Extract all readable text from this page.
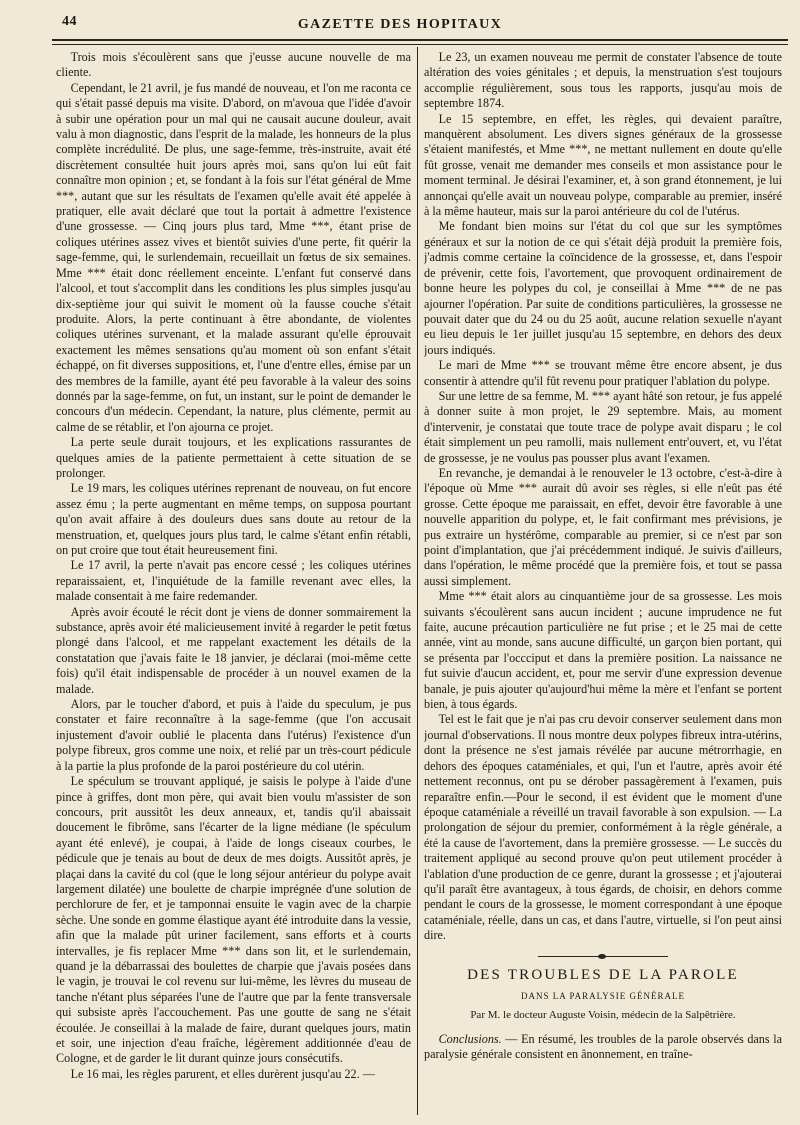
44	GAZETTE DES HOPITAUX

Trois mois s'écoulèrent sans que j'eusse aucune nouvelle de ma cliente.

Cependant, le 21 avril, je fus mandé de nouveau, et l'on me raconta ce qui s'était passé depuis ma visite. D'abord, on m'avoua que l'idée d'avoir à subir une opération pour un mal qui ne causait aucune douleur, avait valu à mon diagnostic, dans l'esprit de la malade, les honneurs de la plus complète incrédulité. De plus, une sage-femme, très-instruite, avait été discrètement consultée huit jours après moi, sans qu'on lui eût fait connaître mon opinion ; et, se fondant à la fois sur l'état général de Mme ***, autant que sur les résultats de l'examen qu'elle avait été appelée à pratiquer, elle avait déclaré que tout la portait à admettre l'existence d'une grossesse. — Cinq jours plus tard, Mme ***, étant prise de coliques utérines assez vives et bientôt suivies d'une perte, fit quérir la sage-femme, qui, le surlendemain, recueillait un fœtus de six semaines. Mme *** était donc réellement enceinte. L'enfant fut conservé dans l'alcool, et tout s'accomplit dans les conditions les plus simples jusqu'au dix-septième jour qui suivit le moment où la fausse couche s'était produite. Alors, la perte continuant à être abondante, de violentes coliques utérines survenant, et la malade assurant qu'elle éprouvait exactement les mêmes sensations qu'au moment où son enfant s'était échappé, on fit diverses suppositions, et, l'une d'entre elles, émise par un des membres de la famille, ayant été peu favorable à la valeur des soins donnés par la sage-femme, on fut, un instant, sur le point de demander le concours d'un médecin. Cependant, la nature, plus clémente, permit au calme de se rétablir, et l'on ajourna ce projet.

La perte seule durait toujours, et les explications rassurantes de quelques amies de la patiente permettaient à cette situation de se prolonger.

Le 19 mars, les coliques utérines reprenant de nouveau, on fut encore assez ému ; la perte augmentant en même temps, on supposa pourtant qu'on avait affaire à des douleurs dues sans doute au retour de la menstruation, et, quelques jours plus tard, le calme s'étant enfin rétabli, on put croire que tout était heureusement fini.

Le 17 avril, la perte n'avait pas encore cessé ; les coliques utérines reparaissaient, et, l'inquiétude de la famille revenant avec elles, la malade consentait à me faire redemander.

Après avoir écouté le récit dont je viens de donner sommairement la substance, après avoir été malicieusement invité à regarder le petit fœtus plongé dans l'alcool, et me rappelant exactement les détails de la constatation que j'avais faite le 18 janvier, je déclarai (moi-même cette fois) qu'il était indispensable de procéder à un nouvel examen de la malade.

Alors, par le toucher d'abord, et puis à l'aide du speculum, je pus constater et faire reconnaître à la sage-femme (que l'on accusait injustement d'avoir oublié le placenta dans l'utérus) l'existence d'un polype fibreux, gros comme une noix, et relié par un très-court pédicule à la partie la plus profonde de la paroi postérieure du col utérin.

Le spéculum se trouvant appliqué, je saisis le polype à l'aide d'une pince à griffes, dont mon père, qui avait bien voulu m'assister de son concours, prit aussitôt les deux anneaux, et, tandis qu'il abaissait doucement le fibrôme, sans l'écarter de la ligne médiane (le spéculum ayant été enlevé), je coupai, à l'aide de longs ciseaux courbes, le pédicule que je tenais au bout de deux de mes doigts. Aussitôt après, je plaçai dans la cavité du col (que le long séjour antérieur du polype avait largement dilatée) une boulette de charpie imprégnée d'une solution de perchlorure de fer, et je tamponnai ensuite le vagin avec de la charpie sèche. Une sonde en gomme élastique ayant été introduite dans la vessie, afin que la malade pût uriner facilement, sans efforts et à courts intervalles, je fis replacer Mme *** dans son lit, et le surlendemain, quand je la débarrassai des boulettes de charpie que j'avais posées dans le vagin, je trouvai le col revenu sur lui-même, les lèvres du museau de tanche n'étant plus séparées l'une de l'autre que par la fente transversale qui subsiste après l'accouchement. Pas une goutte de sang ne s'était écoulée. Je conseillai à la malade de faire, durant quelques jours, matin et soir, une injection d'eau fraîche, légèrement additionnée d'eau de Cologne, et de garder le lit durant quinze jours consécutifs.

Le 16 mai, les règles parurent, et elles durèrent jusqu'au 22. —

Le 23, un examen nouveau me permit de constater l'absence de toute altération des voies génitales ; et depuis, la menstruation s'est toujours accomplie régulièrement, sous tous les rapports, jusqu'au mois de septembre 1874.

Le 15 septembre, en effet, les règles, qui devaient paraître, manquèrent absolument. Les divers signes généraux de la grossesse s'étaient manifestés, et Mme ***, ne mettant nullement en doute qu'elle fût grosse, venait me demander mes conseils et mon assistance pour le moment terminal. Je désirai l'examiner, et, à son grand étonnement, je lui annonçai qu'elle avait un nouveau polype, comparable au premier, inséré à la même hauteur, mais sur la paroi antérieure du col de l'utérus.

Me fondant bien moins sur l'état du col que sur les symptômes généraux et sur la notion de ce qui s'était déjà produit la première fois, j'admis comme certaine la coïncidence de la grossesse, et, dans l'espoir de prévenir, cette fois, l'avortement, que provoquent ordinairement de bonne heure les polypes du col, je conseillai à Mme *** de ne pas ajourner l'opération. Par suite de conditions particulières, la grossesse ne pouvait dater que du 24 ou du 25 août, aucune relation sexuelle n'ayant eu lieu depuis le 1er juillet jusqu'au 15 septembre, en dehors des deux jours indiqués.

Le mari de Mme *** se trouvant même être encore absent, je dus consentir à attendre qu'il fût revenu pour pratiquer l'ablation du polype.

Sur une lettre de sa femme, M. *** ayant hâté son retour, je fus appelé à donner suite à mon projet, le 29 septembre. Mais, au moment d'intervenir, je constatai que toute trace de polype avait disparu ; le col était simplement un peu ramolli, mais nullement entr'ouvert, et, vu l'état de grossesse, je ne voulus pas pousser plus avant l'examen.

En revanche, je demandai à le renouveler le 13 octobre, c'est-à-dire à l'époque où Mme *** aurait dû avoir ses règles, si elle n'eût pas été grosse. Cette époque me paraissait, en effet, devoir être favorable à une nouvelle apparition du polype, et, le fait confirmant mes prévisions, je pus extraire un hystérôme, comparable au premier, si ce n'est par son point d'implantation, que j'ai précédemment indiqué. Je suivis d'ailleurs, dans l'opération, le même procédé que la première fois, et tout se passa aussi simplement.

Mme *** était alors au cinquantième jour de sa grossesse. Les mois suivants s'écoulèrent sans aucun incident ; aucune imprudence ne fut faite, aucune précaution particulière ne fut prise ; et le 25 mai de cette année, vint au monde, sans aucune difficulté, un garçon bien portant, qui se présenta par l'occciput et dans la première position. La naissance ne fut suivie d'aucun accident, et, pour me servir d'une expression devenue banale, je puis ajouter qu'aujourd'hui même la mère et l'enfant se portent bien, à tous égards.

Tel est le fait que je n'ai pas cru devoir conserver seulement dans mon journal d'observations. Il nous montre deux polypes fibreux intra-utérins, dont la présence ne s'est jamais révélée par aucune métrorrhagie, en dehors des époques cataméniales, et qui, l'un et l'autre, après avoir été nettement reconnus, ont pu se dérober passagèrement à l'examen, puis reparaître enfin.—Pour le second, il est évident que le moment d'une époque cataméniale a réveillé un travail favorable à son expulsion. — La prolongation de séjour du premier, conformément à la règle générale, a été la cause de l'avortement, dans la première grossesse. — Le succès du traitement appliqué au second prouve qu'on peut utilement procéder à l'ablation d'une production de ce genre, durant la grossesse ; et j'ajouterai qu'il paraît être avantageux, à tous égards, de choisir, en dehors comme pendant le cours de la grossesse, le moment correspondant à une époque cataméniale, réelle, dans un cas, et dans l'autre, virtuelle, si l'on peut ainsi dire.

DES TROUBLES DE LA PAROLE
DANS LA PARALYSIE GÉNÉRALE
Par M. le docteur Auguste Voisin, médecin de la Salpêtrière.

Conclusions. — En résumé, les troubles de la parole observés dans la paralysie générale consistent en ânonnement, en traîne-
